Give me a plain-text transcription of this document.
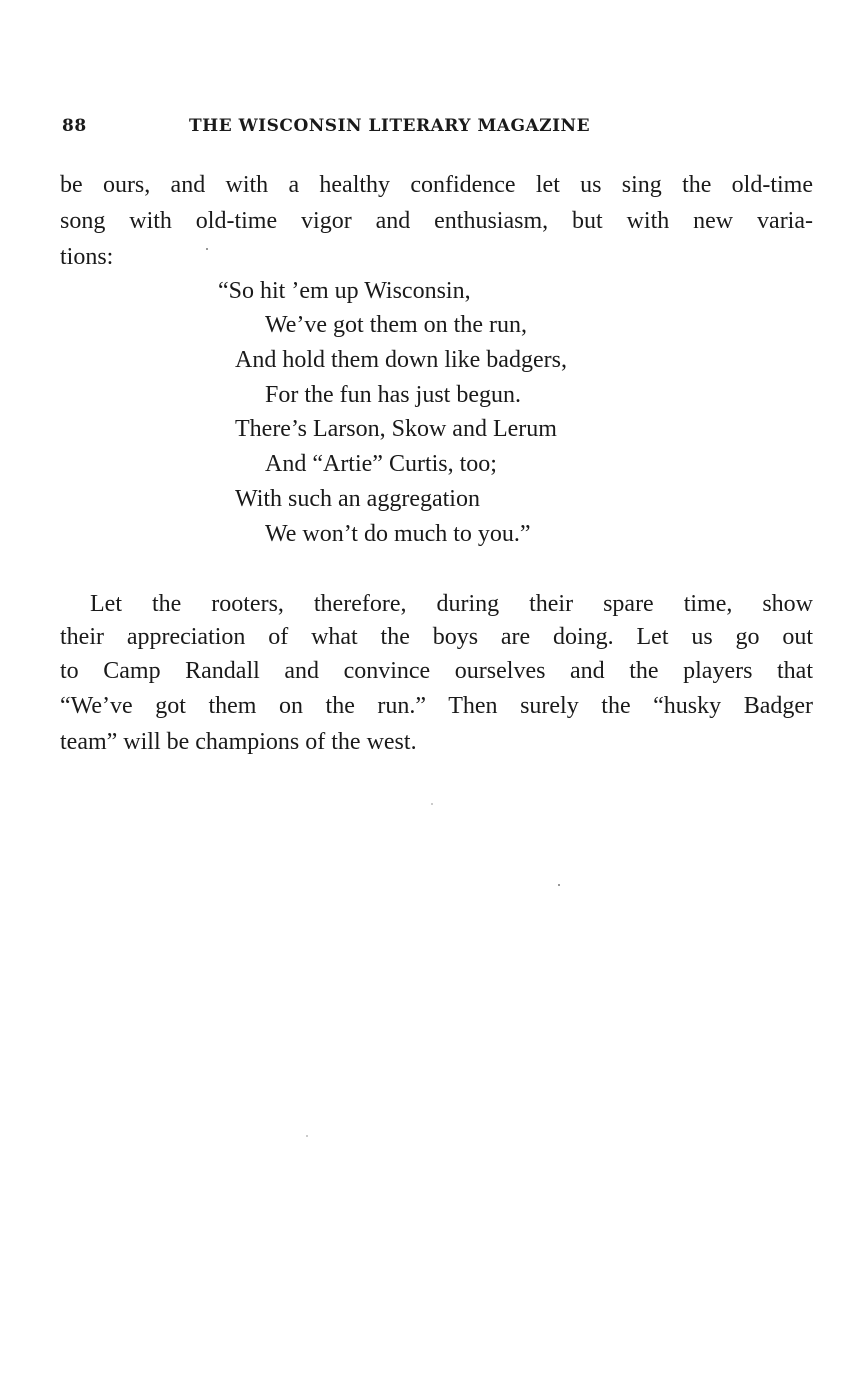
88	THE WISCONSIN LITERARY MAGAZINE
be ours, and with a healthy confidence let us sing the old-time
song with old-time vigor and enthusiasm, but with new varia-
tions:
“So hit ’em up Wisconsin,
We’ve got them on the run,
And hold them down like badgers,
For the fun has just begun.
There’s Larson, Skow and Lerum
And “Artie” Curtis, too;
With such an aggregation
We won’t do much to you.”
Let the rooters, therefore, during their spare time, show
their appreciation of what the boys are doing. Let us go out
to Camp Randall and convince ourselves and the players that
“We’ve got them on the run.” Then surely the “husky Badger
team” will be champions of the west.
